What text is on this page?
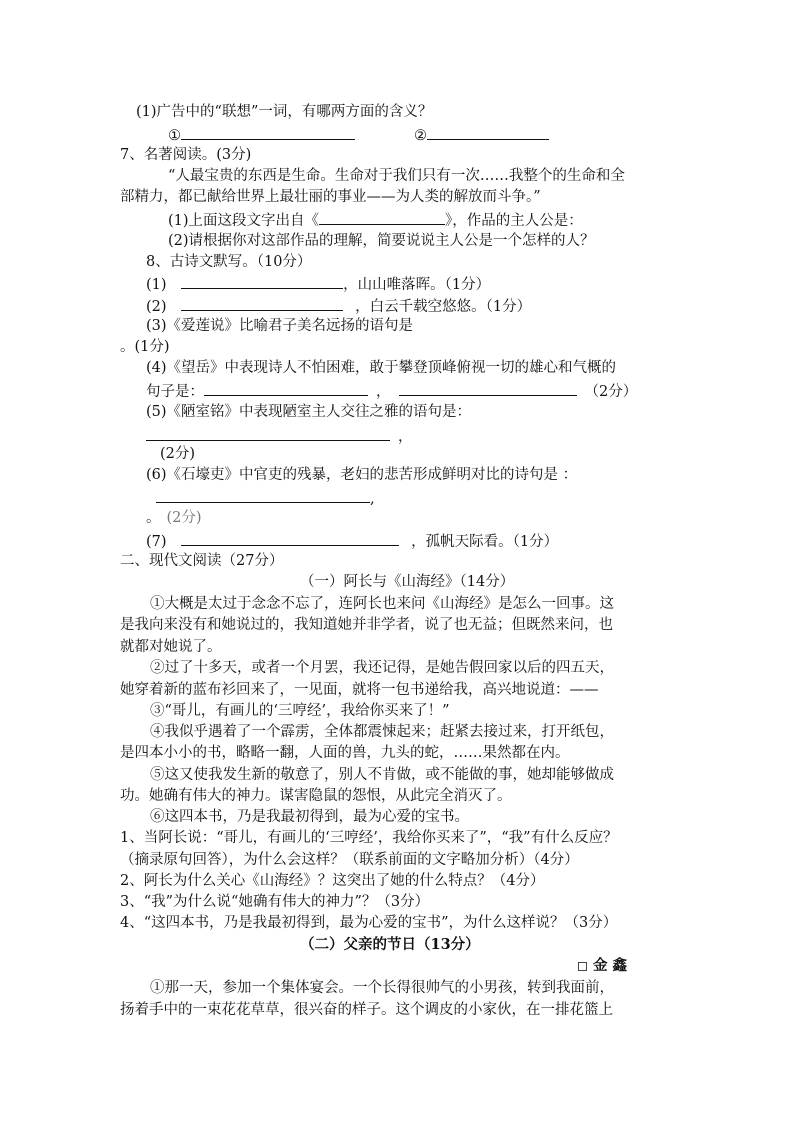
(1)广告中的“联想”一词，有哪两方面的含义？
①	②
7、名著阅读。(3分)
“人最宝贵的东西是生命。生命对于我们只有一次……我整个的生命和全
部精力，都已献给世界上最壮丽的事业——为人类的解放而斗争。”
(1)上面这段文字出自《	》，作品的主人公是：
(2)请根据你对这部作品的理解，简要说说主人公是一个怎样的人？
8、古诗文默写。（10分）
(1)	，山山唯落晖。（1分）
(2)	，白云千载空悠悠。（1分）
(3)《爱莲说》比喻君子美名远扬的语句是
。(1分)
(4)《望岳》中表现诗人不怕困难，敢于攀登顶峰俯视一切的雄心和气概的
句子是：	，	（2分）
(5)《陋室铭》中表现陋室主人交往之雅的语句是：
，
(2分)
(6)《石壕吏》中官吏的残暴，老妇的悲苦形成鲜明对比的诗句是 ：
,
。 (2分)
(7)	，孤帆天际看。（1分）
二、现代文阅读（27分）
（一）阿长与《山海经》（14分）
①大概是太过于念念不忘了，连阿长也来问《山海经》是怎么一回事。这
是我向来没有和她说过的，我知道她并非学者，说了也无益；但既然来问，也
就都对她说了。
②过了十多天，或者一个月罢，我还记得，是她告假回家以后的四五天，
她穿着新的蓝布衫回来了，一见面，就将一包书递给我，高兴地说道：——
③“哥儿，有画儿的‘三哼经’，我给你买来了！”
④我似乎遇着了一个霹雳，全体都震悚起来；赶紧去接过来，打开纸包，
是四本小小的书，略略一翻，人面的兽，九头的蛇，……果然都在内。
⑤这又使我发生新的敬意了，别人不肯做，或不能做的事，她却能够做成
功。她确有伟大的神力。谋害隐鼠的怨恨，从此完全消灭了。
⑥这四本书，乃是我最初得到，最为心爱的宝书。
1、当阿长说：“哥儿，有画儿的‘三哼经’，我给你买来了”，“我”有什么反应？
（摘录原句回答），为什么会这样？（联系前面的文字略加分析）（4分）
2、阿长为什么关心《山海经》？这突出了她的什么特点？（4分）
3、“我”为什么说“她确有伟大的神力”？（3分）
4、“这四本书，乃是我最初得到，最为心爱的宝书”，为什么这样说？（3分）
（二）父亲的节日（13分）
金 鑫
①那一天，参加一个集体宴会。一个长得很帅气的小男孩，转到我面前，
扬着手中的一束花花草草，很兴奋的样子。这个调皮的小家伙，在一排花篮上
